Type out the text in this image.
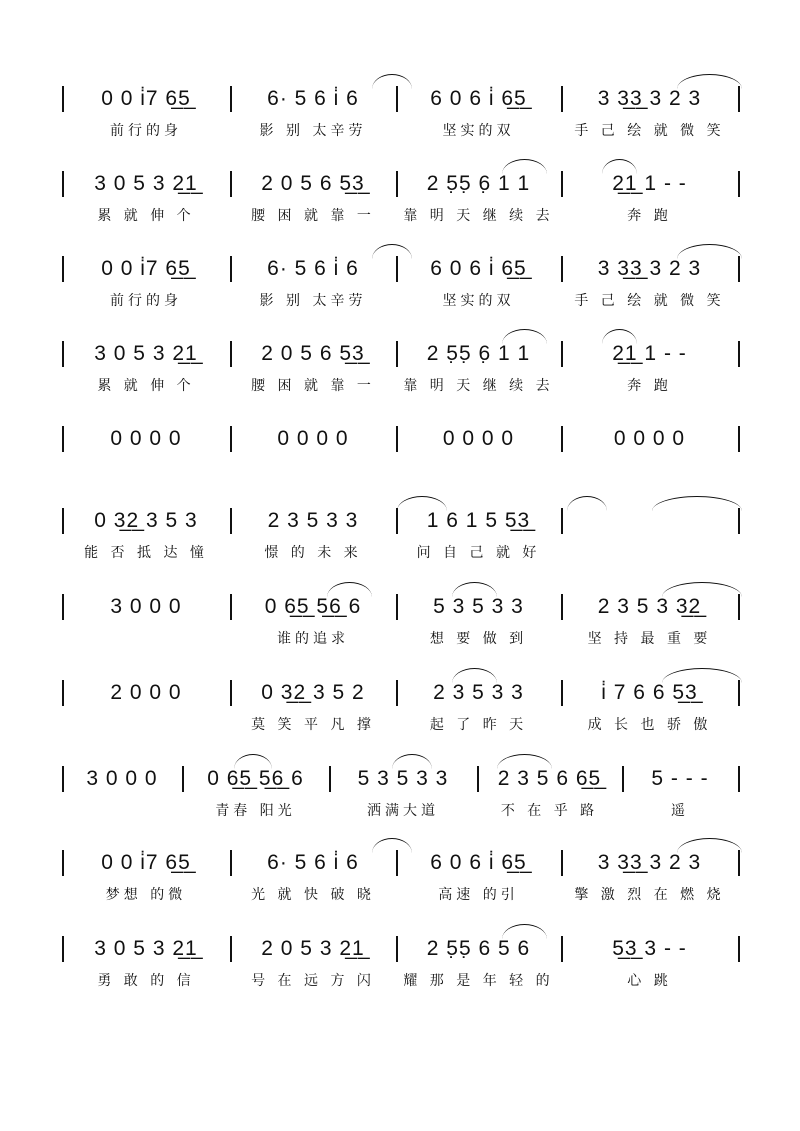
0 0 i̇7 6̲5̲
前行的身
6· 5 6 i̇ 6
影 别 太辛劳
6 0 6 i̇ 6̲5̲
坚实的双
3 3̲3̲ 3 2 3
手 己 绘 就 微 笑
3 0 5 3 2̲1̲
累 就 伸 个
2 0 5 6 5̲3̲
腰 困 就 靠 一
2 5̣5̣ 6̣ 1 1
靠 明 天 继 续 去
2̲1̲ 1 - -
奔 跑
0 0 i̇7 6̲5̲
前行的身
6· 5 6 i̇ 6
影 别 太辛劳
6 0 6 i̇ 6̲5̲
坚实的双
3 3̲3̲ 3 2 3
手 己 绘 就 微 笑
3 0 5 3 2̲1̲
累 就 伸 个
2 0 5 6 5̲3̲
腰 困 就 靠 一
2 5̣5̣ 6̣ 1 1
靠 明 天 继 续 去
2̲1̲ 1 - -
奔 跑
0 0 0 0	0 0 0 0	0 0 0 0	0 0 0 0
0 3̲2̲ 3 5 3
能 否 抵 达 憧
2 3 5 3 3
憬 的 未 来
1 6 1 5 5̲3̲
问 自 己 就 好
3 0 0 0	0 6̲5̲ 5̲6̲ 6
谁的追求
5 3 5 3 3
想 要 做 到
2 3 5 3 3̲2̲
坚 持 最 重 要
2 0 0 0	0 3̲2̲ 3 5 2
莫 笑 平 凡 撑
2 3 5 3 3
起 了 昨 天
i̇ 7 6 6 5̲3̲
成 长 也 骄 傲
3 0 0 0	0 6̲5̲ 5̲6̲ 6
青春 阳光
5 3 5 3 3
洒满大道
2 3 5 6 6̲5̲
不 在 乎 路
5 - - -
遥
0 0 i̇7 6̲5̲
梦想 的微
6· 5 6 i̇ 6
光 就 快 破 晓
6 0 6 i̇ 6̲5̲
高速 的引
3 3̲3̲ 3 2 3
擎 激 烈 在 燃 烧
3 0 5 3 2̲1̲
勇 敢 的 信
2 0 5 3 2̲1̲
号 在 远 方 闪
2 5̣5̣ 6 5 6
耀 那 是 年 轻 的
5̲3̲ 3 - -
心 跳
